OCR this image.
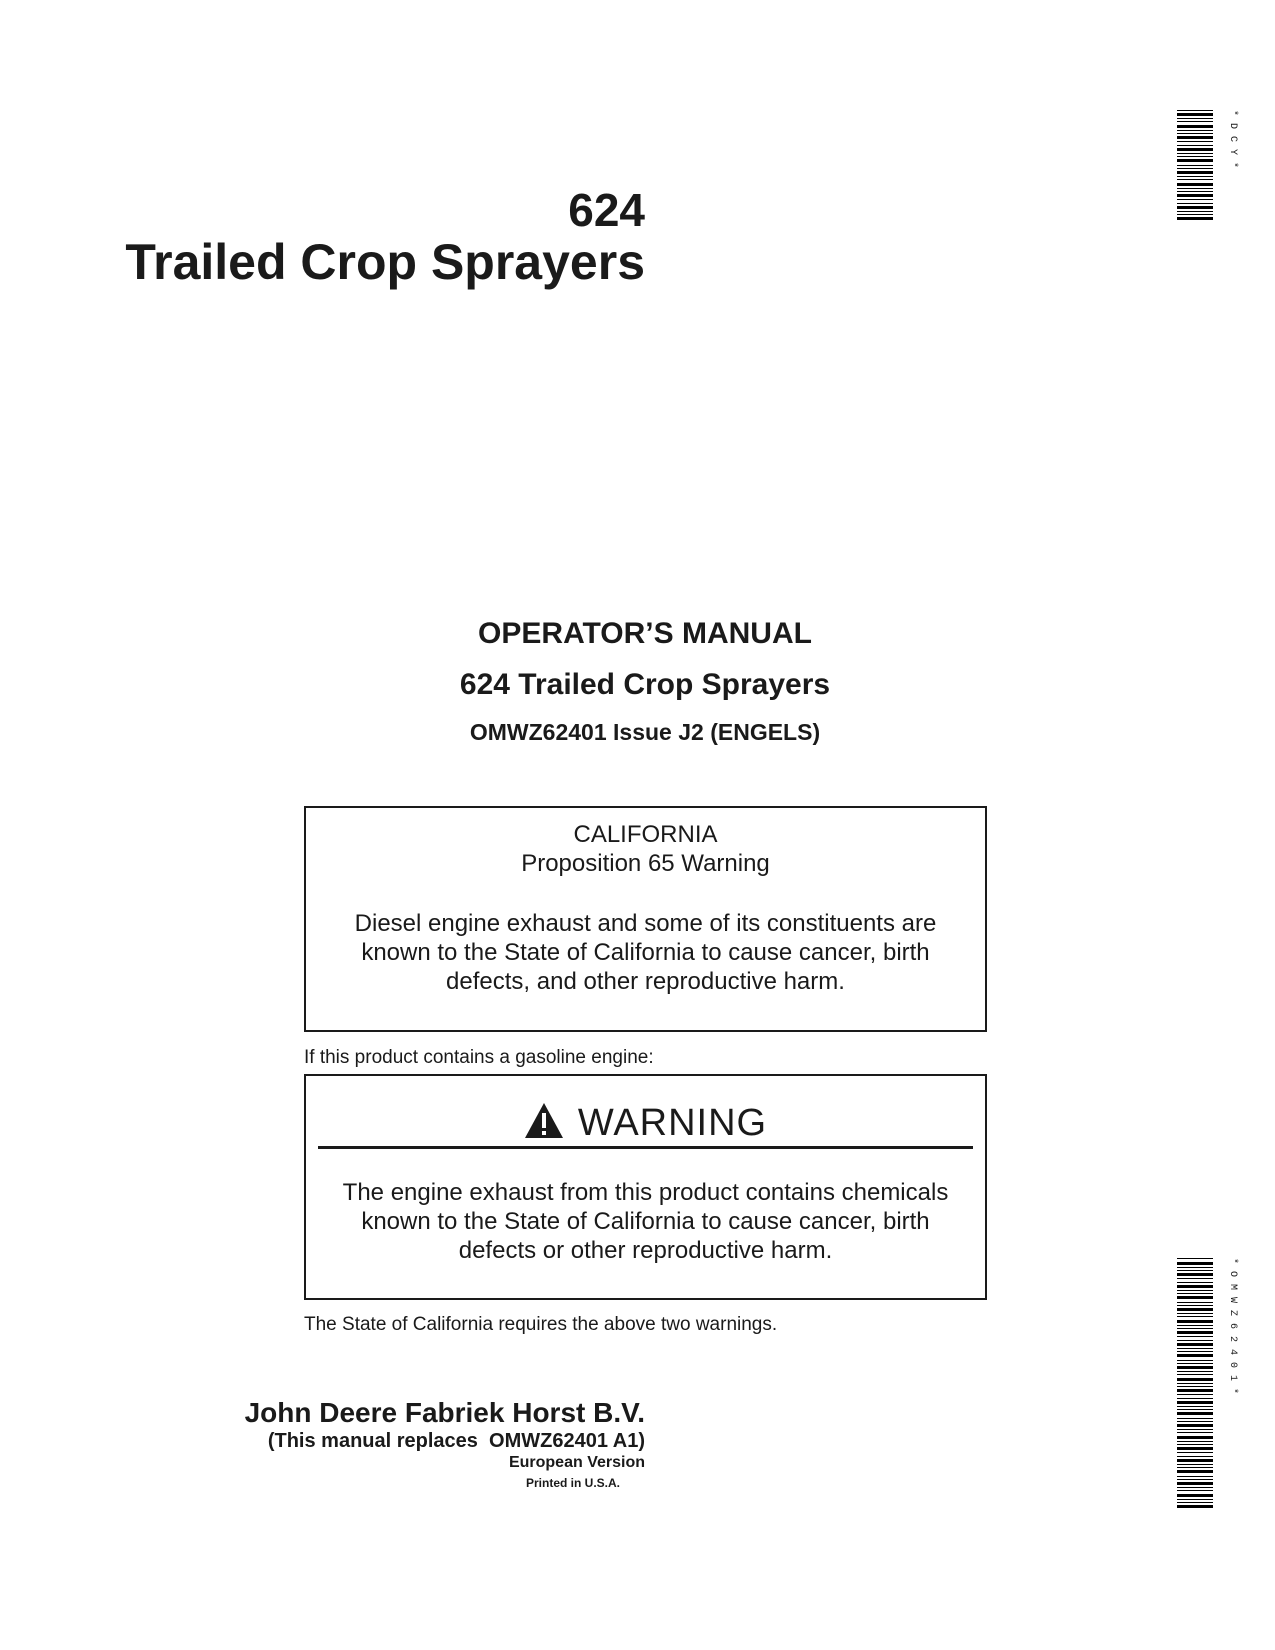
*DCY*
624
Trailed Crop Sprayers
OPERATOR’S MANUAL
624 Trailed Crop Sprayers
OMWZ62401 Issue J2 (ENGELS)
CALIFORNIA
Proposition 65 Warning
Diesel engine exhaust and some of its constituents are
known to the State of California to cause cancer, birth
defects, and other reproductive harm.
If this product contains a gasoline engine:
WARNING
The engine exhaust from this product contains chemicals
known to the State of California to cause cancer, birth
defects or other reproductive harm.
The State of California requires the above two warnings.
John Deere Fabriek Horst B.V.
(This manual replaces  OMWZ62401 A1)
European Version
Printed in U.S.A.
*OMWZ62401*
